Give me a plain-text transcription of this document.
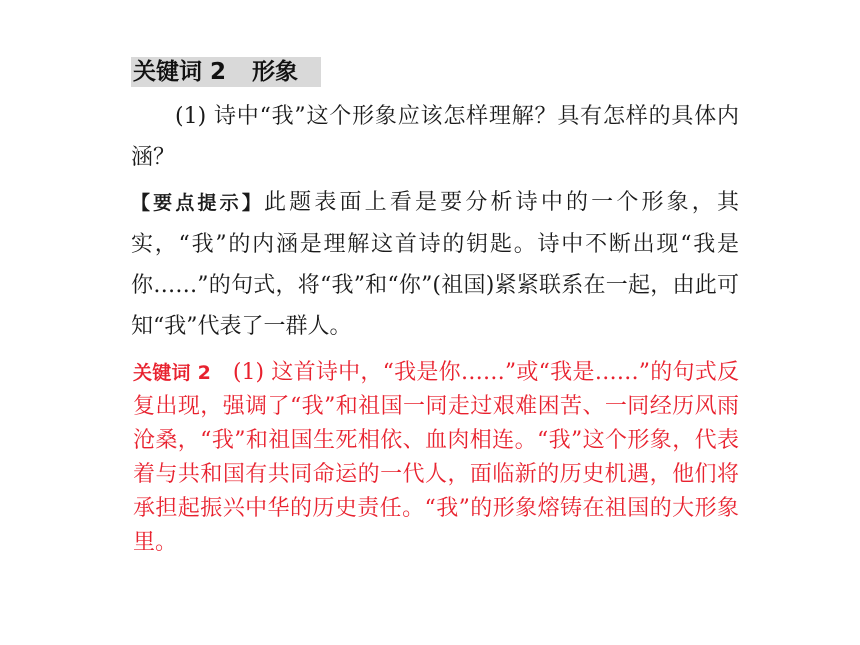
关键词 2 形象

(1) 诗中“我”这个形象应该怎样理解？具有怎样的具体内涵？

【要点提示】此题表面上看是要分析诗中的一个形象，其实，“我”的内涵是理解这首诗的钥匙。诗中不断出现“我是你……”的句式，将“我”和“你”(祖国)紧紧联系在一起，由此可知“我”代表了一群人。

关键词 2  (1) 这首诗中，“我是你……”或“我是……”的句式反复出现，强调了“我”和祖国一同走过艰难困苦、一同经历风雨沧桑，“我”和祖国生死相依、血肉相连。“我”这个形象，代表着与共和国有共同命运的一代人，面临新的历史机遇，他们将承担起振兴中华的历史责任。“我”的形象熔铸在祖国的大形象里。
